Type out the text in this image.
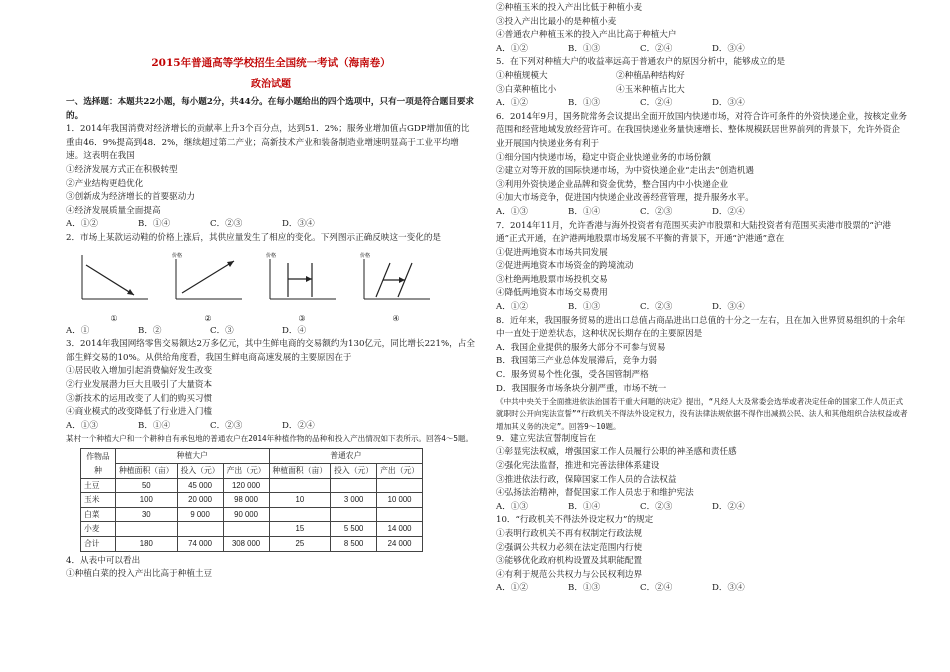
2015年普通高等学校招生全国统一考试（海南卷）
政治试题

一、选择题：本题共22小题，每小题2分，共44分。在每小题给出的四个选项中，只有一项是符合题目要求的。

1．2014年我国消费对经济增长的贡献率上升3个百分点，达到51．2%；服务业增加值占GDP增加值的比重由46．9%提高到48．2%，继续超过第二产业；高新技术产业和装备制造业增速明显高于工业平均增速。这表明在我国

①经济发展方式正在积极转型

②产业结构更趋优化

③创新成为经济增长的首要驱动力

④经济发展质量全面提高

A．①②	B．①④	C．②③	D．③④

2．市场上某款运动鞋的价格上涨后，其供应量发生了相应的变化。下列图示正确反映这一变化的是

①
价格
②
价格
③
价格
④
A．①	B．②	C．③	D．④

3．2014年我国网络零售交易额达2万多亿元，其中生鲜电商的交易额约为130亿元，同比增长221%，占全部生鲜交易的10%。从供给角度看，我国生鲜电商高速发展的主要原因在于

①居民收入增加引起消费偏好发生改变

②行业发展潜力巨大且吸引了大量资本

③新技术的运用改变了人们的购买习惯

④商业模式的改变降低了行业进入门槛

A．①③	B．①④	C．②③	D．②④

某村一个种植大户和一个耕种自有承包地的普通农户在2014年种植作物的品种和投入产出情况如下表所示。回答4～5题。

作物品种	种植大户			普通农户		
	种植面积（亩）	投入（元）	产出（元）	种植面积（亩）	投入（元）	产出（元）
土豆	50	45 000	120 000			
玉米	100	20 000	98 000	10	3 000	10 000
白菜	30	9 000	90 000			
小麦				15	5 500	14 000
合计	180	74 000	308 000	25	8 500	24 000

4．从表中可以看出

①种植白菜的投入产出比高于种植土豆

②种植玉米的投入产出比低于种植小麦

③投入产出比最小的是种植小麦

④普通农户种植玉米的投入产出比高于种植大户

A．①②	B．①③	C．②④	D．③④

5．在下列对种植大户的收益率远高于普通农户的原因分析中，能够成立的是

①种植规模大	②种植品种结构好
③白菜种植比小	④玉米种植占比大
A．①②	B．①③	C．②④	D．③④

6．2014年9月，国务院常务会议提出全面开放国内快递市场，对符合许可条件的外资快递企业，按核定业务范围和经营地域发放经营许可。在我国快递业务量快速增长、整体规模跃居世界前列的背景下，允许外资企业开展国内快递业务有利于

①细分国内快递市场，稳定中资企业快递业务的市场份额

②建立对等开放的国际快递市场，为中资快递企业“走出去”创造机遇

③利用外资快递企业品牌和资金优势，整合国内中小快递企业

④加大市场竞争，促进国内快递企业改善经营管理，提升服务水平。

A．①③	B．①④	C．②③	D．②④

7．2014年11月，允许香港与海外投资者有范围买卖沪市股票和大陆投资者有范围买卖港市股票的“沪港通”正式开通，在沪港两地股票市场发展不平衡的背景下，开通“沪港通”意在

①促进两地资本市场共同发展

②促进两地资本市场资金的跨境流动

③杜绝两地股票市场投机交易

④降低两地资本市场交易费用

A．①②	B．①③	C．②③	D．③④

8．近年来，我国服务贸易的进出口总值占商品进出口总值的十分之一左右，且在加入世界贸易组织的十余年中一直处于逆差状态，这种状况长期存在的主要原因是

A．我国企业提供的服务大部分不可参与贸易

B．我国第三产业总体发展滞后，竞争力弱

C．服务贸易个性化强，受各国管制严格

D．我国服务市场条块分割严重，市场不统一

《中共中央关于全面推进依法治国若干重大问题的决定》提出，“凡经人大及常委会选举或者决定任命的国家工作人员正式就职时公开向宪法宣誓”“行政机关不得法外设定权力，没有法律法规依据不得作出减损公民、法人和其他组织合法权益或者增加其义务的决定”。回答9～10题。

9．建立宪法宣誓制度旨在

①彰显宪法权威，增强国家工作人员履行公职的神圣感和责任感

②强化宪法监督，推进和完善法律体系建设

③推进依法行政，保障国家工作人员的合法权益

④弘扬法治精神，督促国家工作人员忠于和维护宪法

A．①③	B．①④	C．②③	D．②④

10．“行政机关不得法外设定权力”的规定

①表明行政机关不再有权制定行政法规

②强调公共权力必须在法定范围内行使

③能够优化政府机构设置及其职能配置

④有利于规范公共权力与公民权利边界

A．①②	B．①③	C．②④	D．③④
